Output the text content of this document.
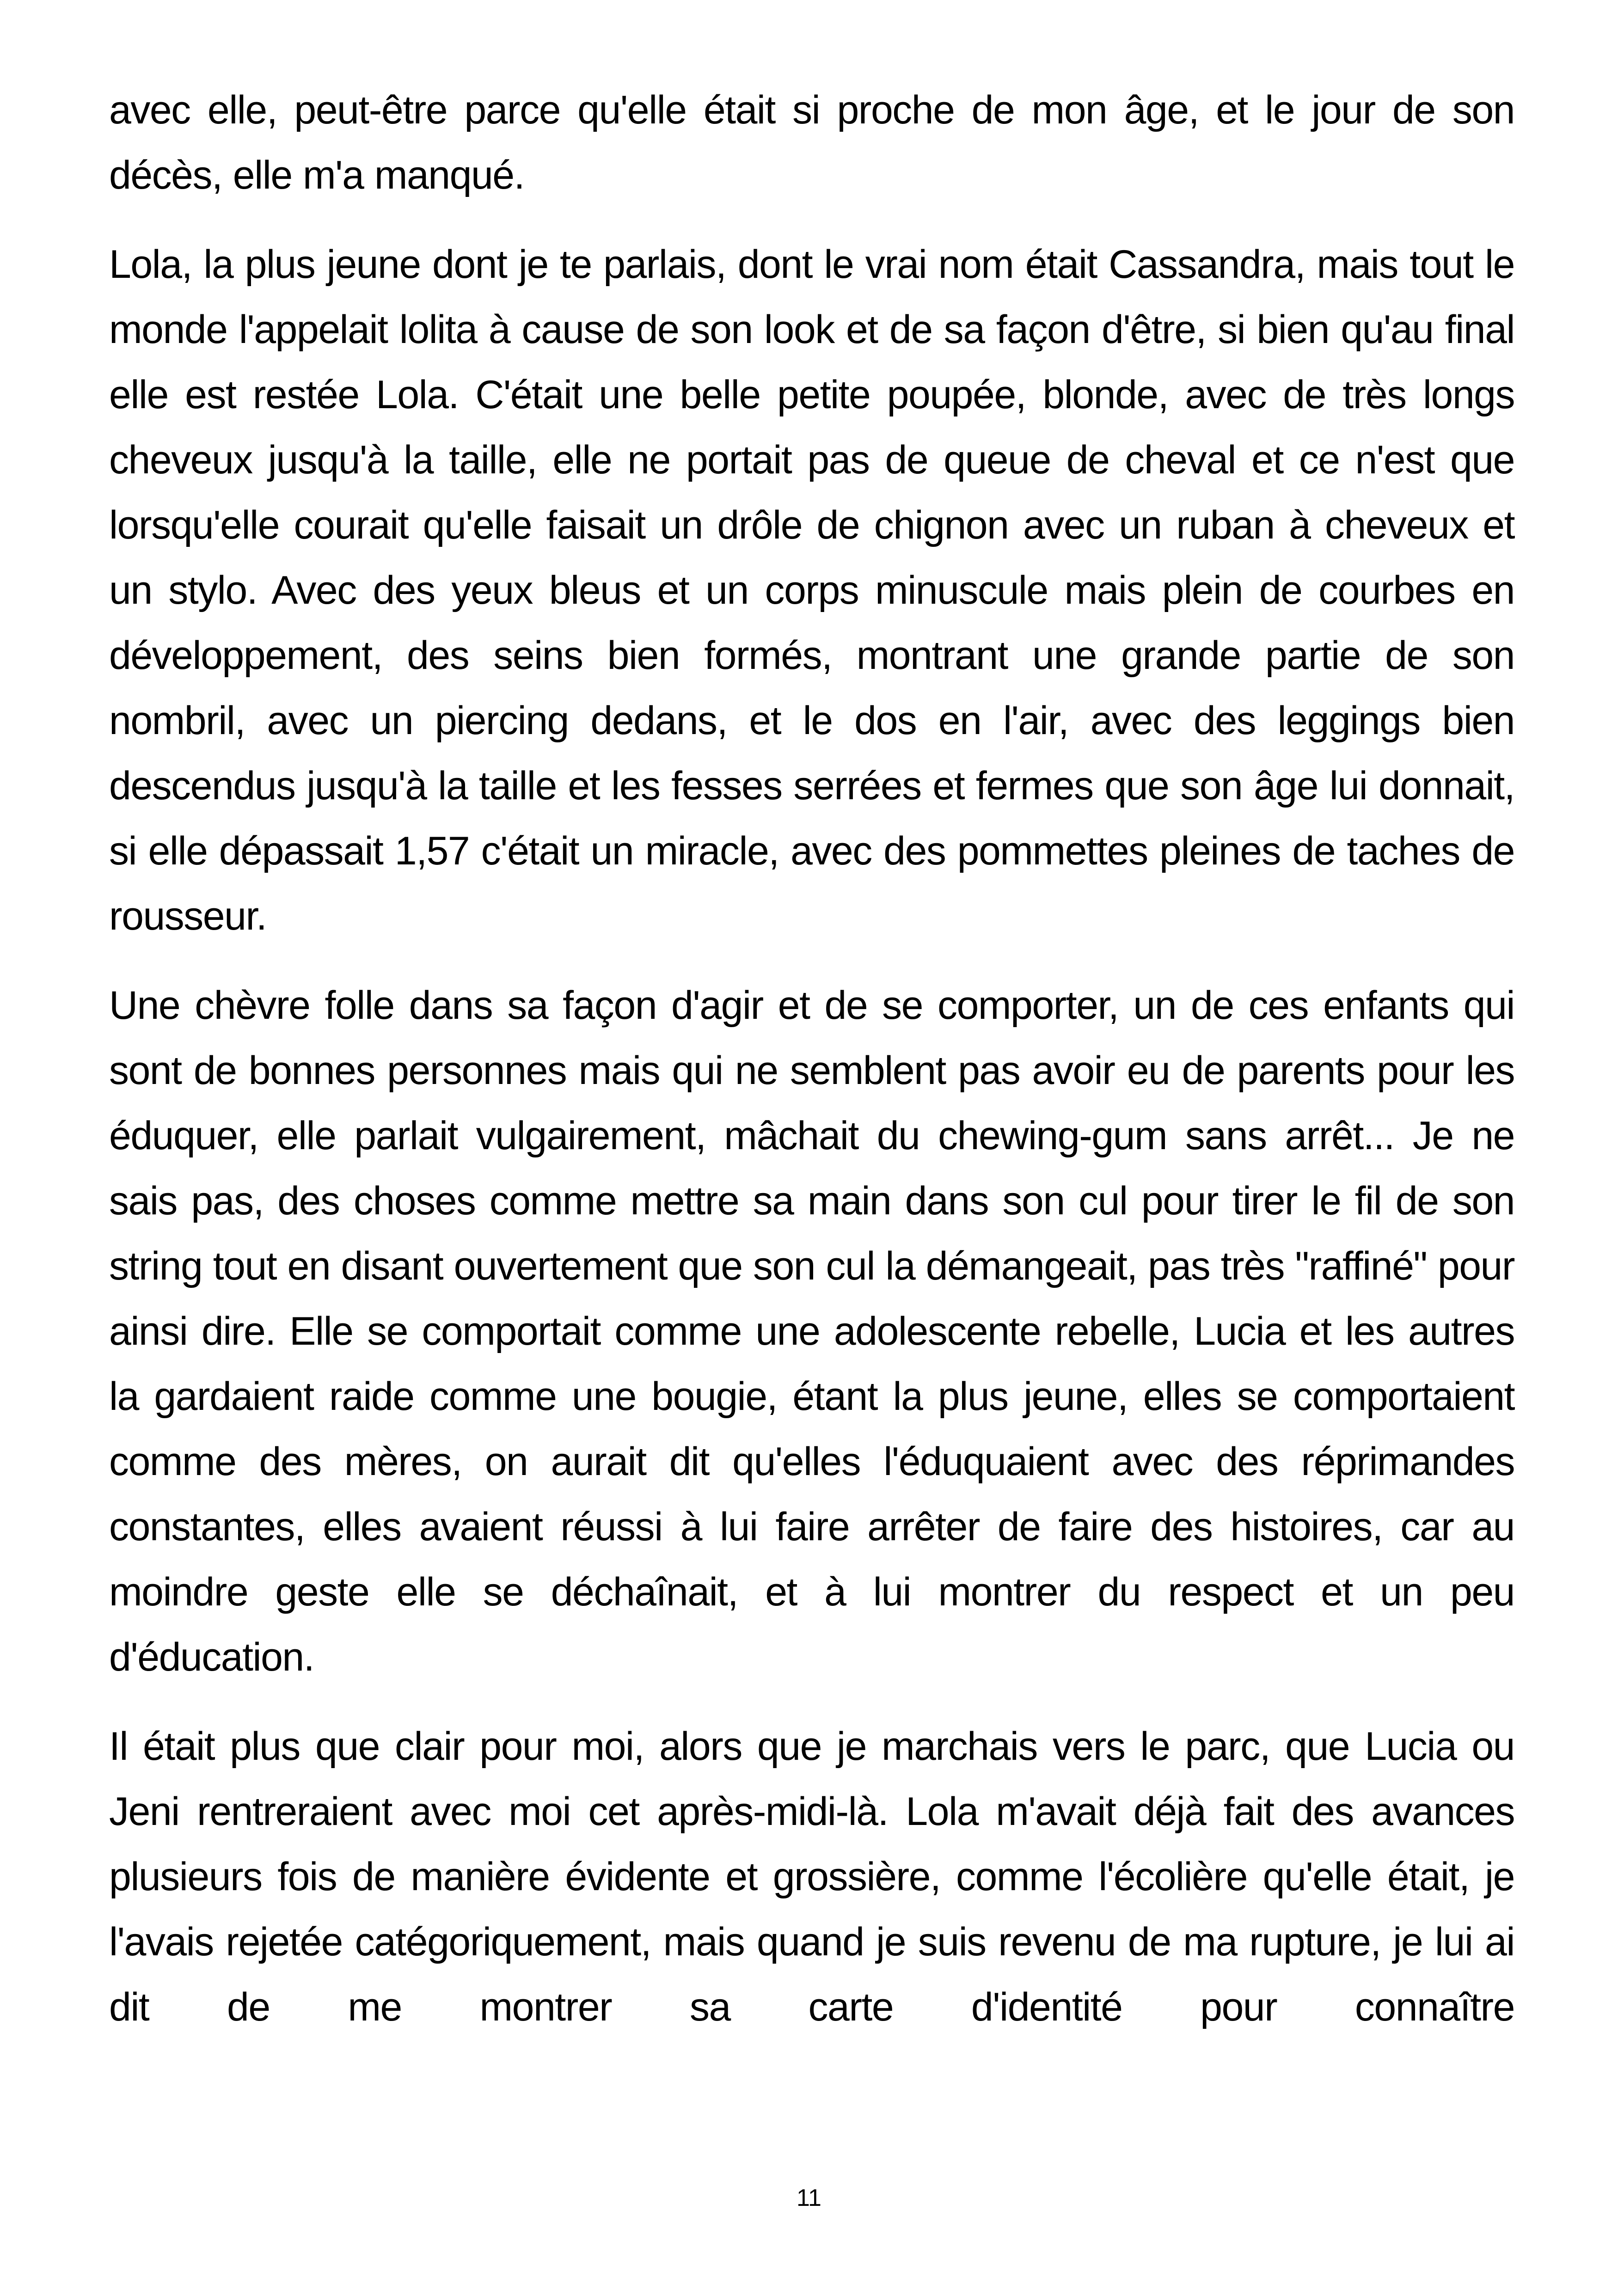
avec elle, peut-être parce qu'elle était si proche de mon âge, et le jour de son décès, elle m'a manqué.

Lola, la plus jeune dont je te parlais, dont le vrai nom était Cassandra, mais tout le monde l'appelait lolita à cause de son look et de sa façon d'être, si bien qu'au final elle est restée Lola. C'était une belle petite poupée, blonde, avec de très longs cheveux jusqu'à la taille, elle ne portait pas de queue de cheval et ce n'est que lorsqu'elle courait qu'elle faisait un drôle de chignon avec un ruban à cheveux et un stylo. Avec des yeux bleus et un corps minuscule mais plein de courbes en développement, des seins bien formés, montrant une grande partie de son nombril, avec un piercing dedans, et le dos en l'air, avec des leggings bien descendus jusqu'à la taille et les fesses serrées et fermes que son âge lui donnait, si elle dépassait 1,57 c'était un miracle, avec des pommettes pleines de taches de rousseur.

Une chèvre folle dans sa façon d'agir et de se comporter, un de ces enfants qui sont de bonnes personnes mais qui ne semblent pas avoir eu de parents pour les éduquer, elle parlait vulgairement, mâchait du chewing-gum sans arrêt... Je ne sais pas, des choses comme mettre sa main dans son cul pour tirer le fil de son string tout en disant ouvertement que son cul la démangeait, pas très "raffiné" pour ainsi dire. Elle se comportait comme une adolescente rebelle, Lucia et les autres la gardaient raide comme une bougie, étant la plus jeune, elles se comportaient comme des mères, on aurait dit qu'elles l'éduquaient avec des réprimandes constantes, elles avaient réussi à lui faire arrêter de faire des histoires, car au moindre geste elle se déchaînait, et à lui montrer du respect et un peu d'éducation.

Il était plus que clair pour moi, alors que je marchais vers le parc, que Lucia ou Jeni rentreraient avec moi cet après-midi-là. Lola m'avait déjà fait des avances plusieurs fois de manière évidente et grossière, comme l'écolière qu'elle était, je l'avais rejetée catégoriquement, mais quand je suis revenu de ma rupture, je lui ai dit de me montrer sa carte d'identité pour connaître

11
